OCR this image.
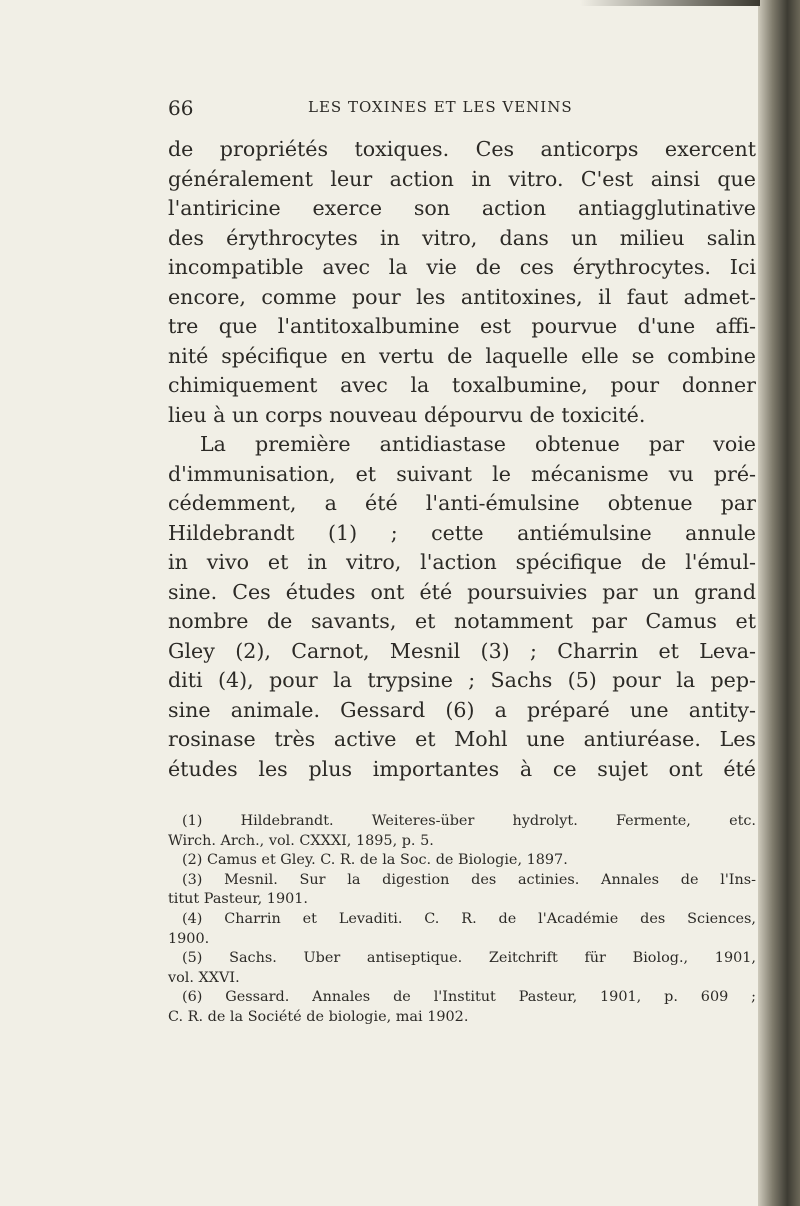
66	LES TOXINES ET LES VENINS
de propriétés toxiques. Ces anticorps exercent
généralement leur action in vitro. C'est ainsi que
l'antiricine exerce son action antiagglutinative
des érythrocytes in vitro, dans un milieu salin
incompatible avec la vie de ces érythrocytes. Ici
encore, comme pour les antitoxines, il faut admet-
tre que l'antitoxalbumine est pourvue d'une affi-
nité spécifique en vertu de laquelle elle se combine
chimiquement avec la toxalbumine, pour donner
lieu à un corps nouveau dépourvu de toxicité.
La première antidiastase obtenue par voie
d'immunisation, et suivant le mécanisme vu pré-
cédemment, a été l'anti-émulsine obtenue par
Hildebrandt (1) ; cette antiémulsine annule
in vivo et in vitro, l'action spécifique de l'émul-
sine. Ces études ont été poursuivies par un grand
nombre de savants, et notamment par Camus et
Gley (2), Carnot, Mesnil (3) ; Charrin et Leva-
diti (4), pour la trypsine ; Sachs (5) pour la pep-
sine animale. Gessard (6) a préparé une antity-
rosinase très active et Mohl une antiuréase. Les
études les plus importantes à ce sujet ont été
(1) Hildebrandt. Weiteres-über hydrolyt. Fermente, etc.
Wirch. Arch., vol. CXXXI, 1895, p. 5.
(2) Camus et Gley. C. R. de la Soc. de Biologie, 1897.
(3) Mesnil. Sur la digestion des actinies. Annales de l'Ins-
titut Pasteur, 1901.
(4) Charrin et Levaditi. C. R. de l'Académie des Sciences,
1900.
(5) Sachs. Uber antiseptique. Zeitchrift für Biolog., 1901,
vol. XXVI.
(6) Gessard. Annales de l'Institut Pasteur, 1901, p. 609 ;
C. R. de la Société de biologie, mai 1902.
